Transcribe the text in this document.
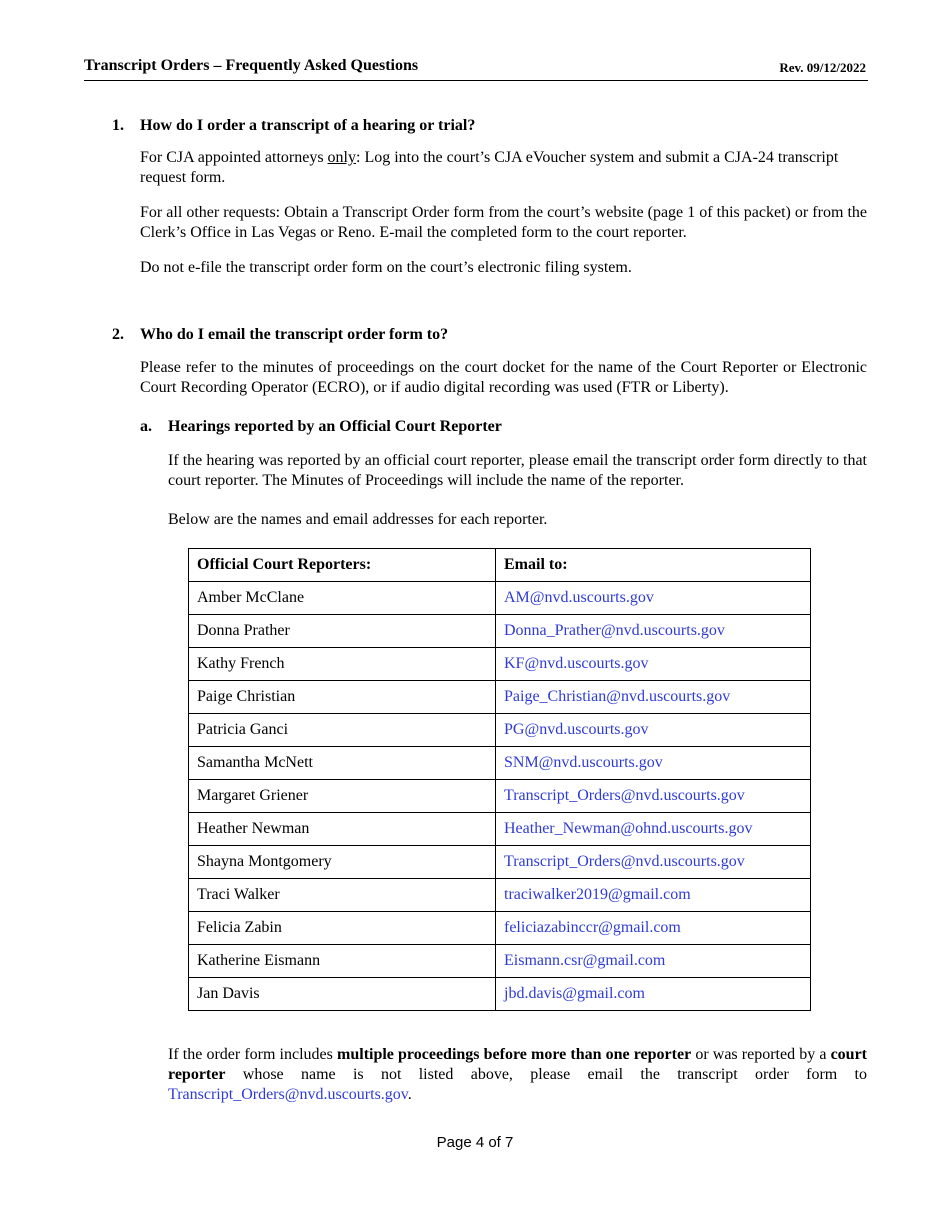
Transcript Orders – Frequently Asked Questions	Rev. 09/12/2022
1. How do I order a transcript of a hearing or trial?

For CJA appointed attorneys only: Log into the court’s CJA eVoucher system and submit a CJA-24 transcript request form.

For all other requests: Obtain a Transcript Order form from the court’s website (page 1 of this packet) or from the Clerk’s Office in Las Vegas or Reno. E-mail the completed form to the court reporter.

Do not e-file the transcript order form on the court’s electronic filing system.

2. Who do I email the transcript order form to?

Please refer to the minutes of proceedings on the court docket for the name of the Court Reporter or Electronic Court Recording Operator (ECRO), or if audio digital recording was used (FTR or Liberty).

a. Hearings reported by an Official Court Reporter

If the hearing was reported by an official court reporter, please email the transcript order form directly to that court reporter. The Minutes of Proceedings will include the name of the reporter.

Below are the names and email addresses for each reporter.

Official Court Reporters:	Email to:
Amber McClane	AM@nvd.uscourts.gov
Donna Prather	Donna_Prather@nvd.uscourts.gov
Kathy French	KF@nvd.uscourts.gov
Paige Christian	Paige_Christian@nvd.uscourts.gov
Patricia Ganci	PG@nvd.uscourts.gov
Samantha McNett	SNM@nvd.uscourts.gov
Margaret Griener	Transcript_Orders@nvd.uscourts.gov
Heather Newman	Heather_Newman@ohnd.uscourts.gov
Shayna Montgomery	Transcript_Orders@nvd.uscourts.gov
Traci Walker	traciwalker2019@gmail.com
Felicia Zabin	feliciazabinccr@gmail.com
Katherine Eismann	Eismann.csr@gmail.com
Jan Davis	jbd.davis@gmail.com

If the order form includes multiple proceedings before more than one reporter or was reported by a court reporter whose name is not listed above, please email the transcript order form to Transcript_Orders@nvd.uscourts.gov.

Page 4 of 7
